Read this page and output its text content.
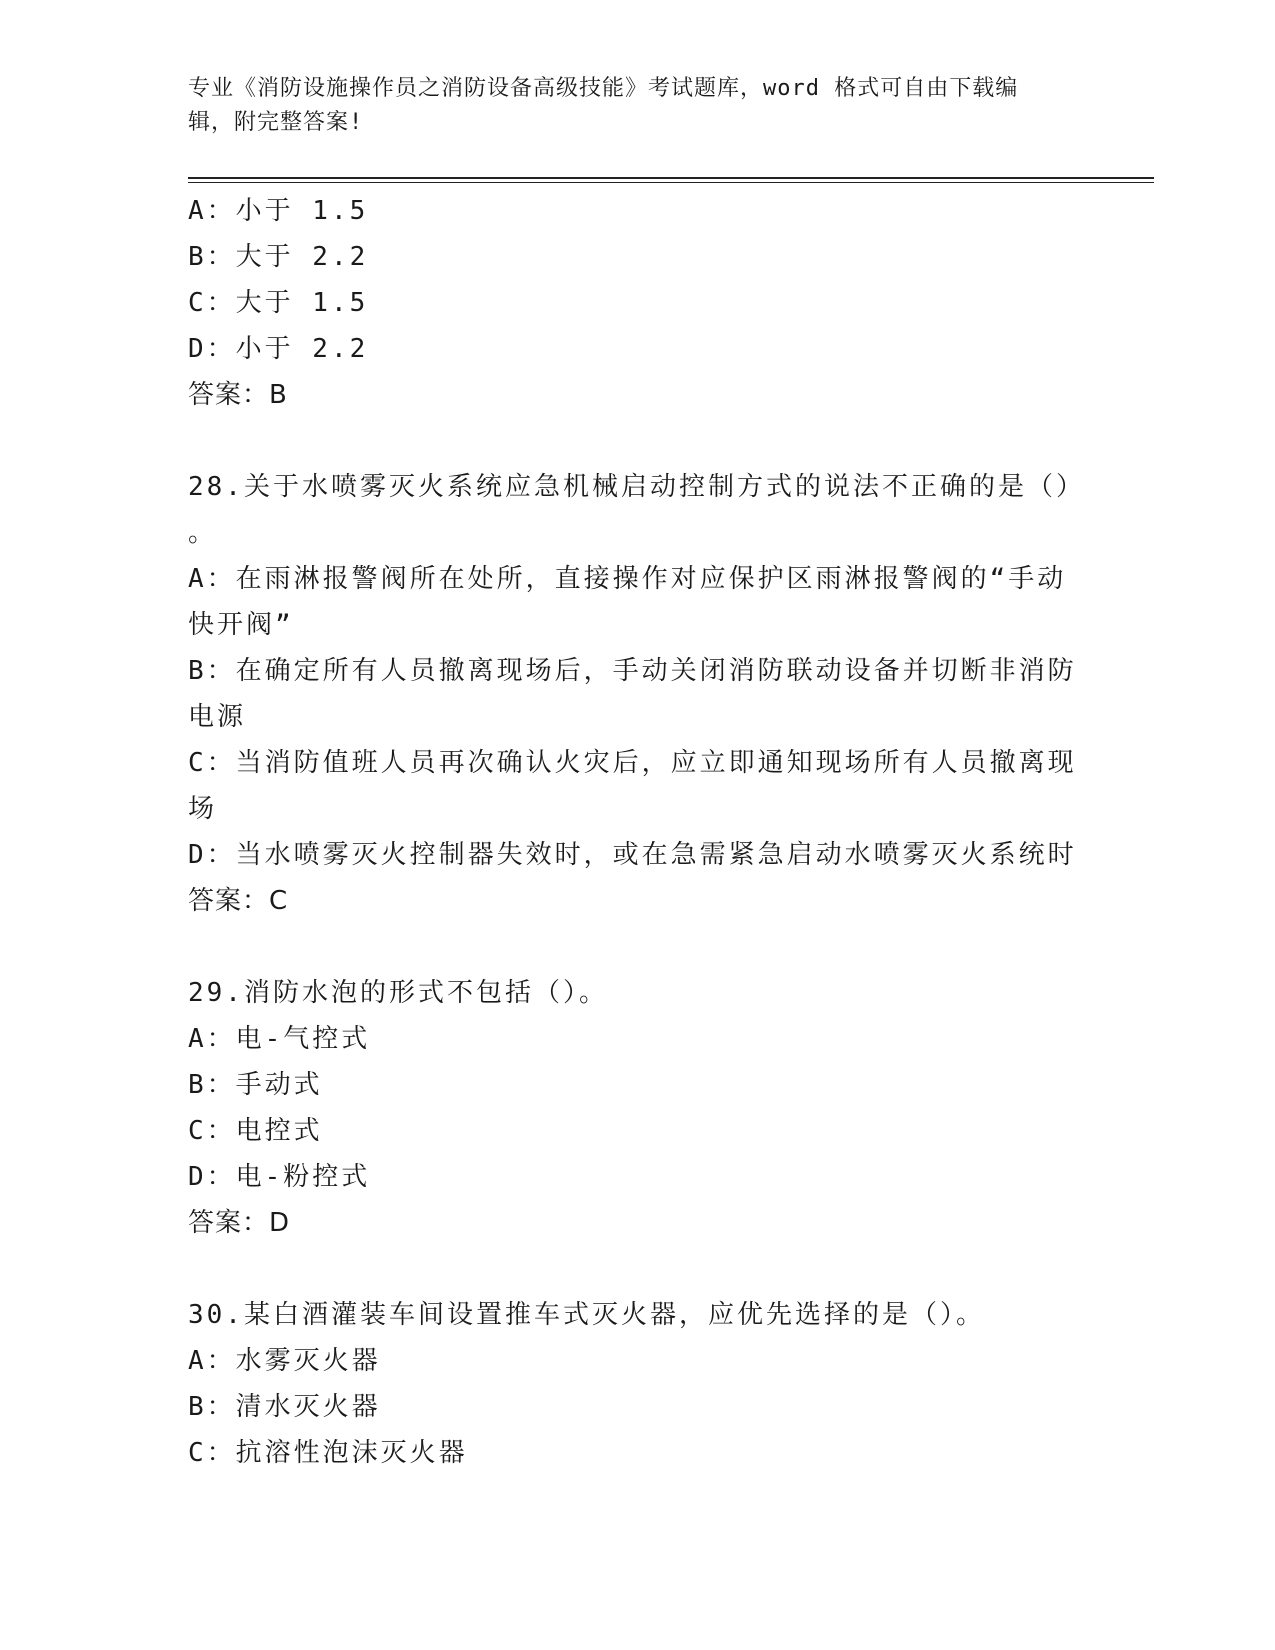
专业《消防设施操作员之消防设备高级技能》考试题库，word 格式可自由下载编
辑，附完整答案!
A：小于 1.5
B：大于 2.2
C：大于 1.5
D：小于 2.2
答案：B
28.关于水喷雾灭火系统应急机械启动控制方式的说法不正确的是（）
。
A：在雨淋报警阀所在处所，直接操作对应保护区雨淋报警阀的“手动
快开阀”
B：在确定所有人员撤离现场后，手动关闭消防联动设备并切断非消防
电源
C：当消防值班人员再次确认火灾后，应立即通知现场所有人员撤离现
场
D：当水喷雾灭火控制器失效时，或在急需紧急启动水喷雾灭火系统时
答案：C
29.消防水泡的形式不包括（）。
A：电-气控式
B：手动式
C：电控式
D：电-粉控式
答案：D
30.某白酒灌装车间设置推车式灭火器，应优先选择的是（）。
A：水雾灭火器
B：清水灭火器
C：抗溶性泡沫灭火器
